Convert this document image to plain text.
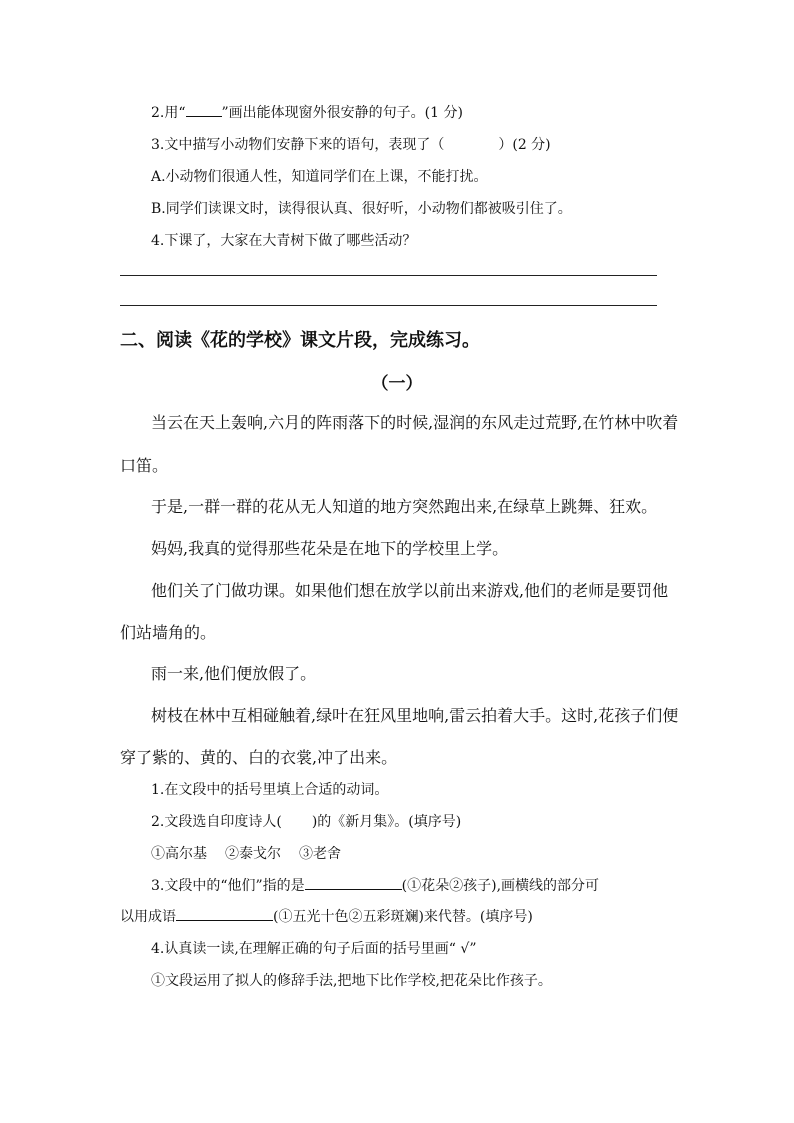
2.用“	”画出能体现窗外很安静的句子。(1 分)
3.文中描写小动物们安静下来的语句，表现了（	）(2 分)
A.小动物们很通人性，知道同学们在上课，不能打扰。
B.同学们读课文时，读得很认真、很好听，小动物们都被吸引住了。
4.下课了，大家在大青树下做了哪些活动？
二、阅读《花的学校》课文片段，完成练习。
（一）
当云在天上轰响,六月的阵雨落下的时候,湿润的东风走过荒野,在竹林中吹着
口笛。
于是,一群一群的花从无人知道的地方突然跑出来,在绿草上跳舞、狂欢。
妈妈,我真的觉得那些花朵是在地下的学校里上学。
他们关了门做功课。如果他们想在放学以前出来游戏,他们的老师是要罚他
们站墙角的。
雨一来,他们便放假了。
树枝在林中互相碰触着,绿叶在狂风里地响,雷云拍着大手。这时,花孩子们便
穿了紫的、黄的、白的衣裳,冲了出来。
1.在文段中的括号里填上合适的动词。
2.文段选自印度诗人( )的《新月集》。(填序号)
①高尔基 ②泰戈尔 ③老舍
3.文段中的“他们”指的是	(①花朵②孩子),画横线的部分可
以用成语	(①五光十色②五彩斑斓)来代替。(填序号)
4.认真读一读,在理解正确的句子后面的括号里画“ √”
①文段运用了拟人的修辞手法,把地下比作学校,把花朵比作孩子。
